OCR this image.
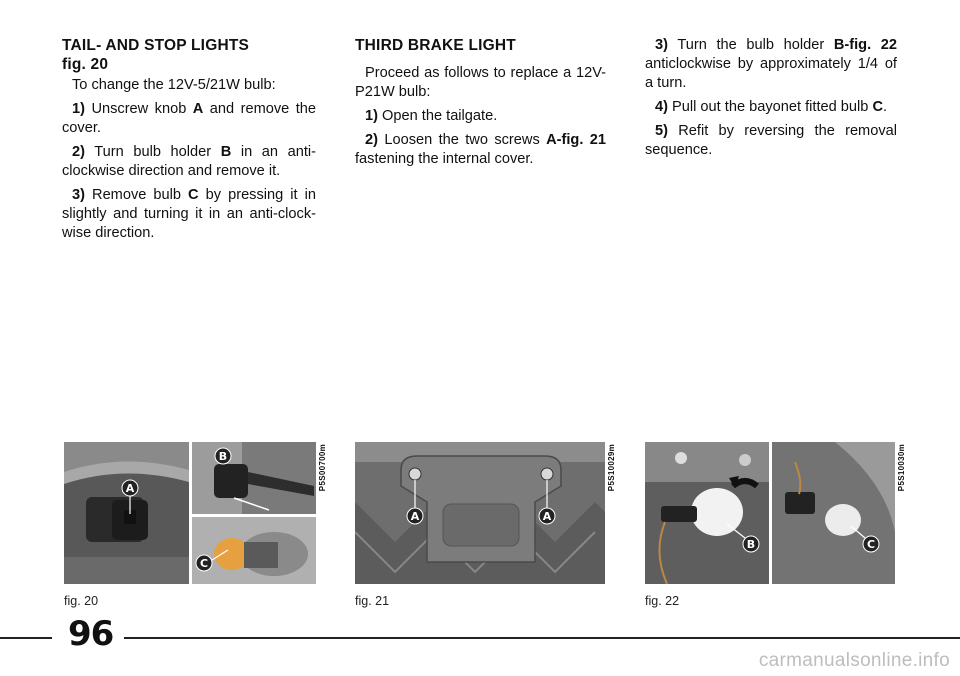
TAIL- AND STOP LIGHTS

fig. 20

To change the 12V-5/21W bulb:

1) Unscrew knob A and remove the cover.

2) Turn bulb holder B in an anti-clockwise direction and remove it.

3) Remove bulb C by pressing it in slightly and turning it in an anti-clock-wise direction.

THIRD BRAKE LIGHT

Proceed as follows to replace a 12V-P21W bulb:

1) Open the tailgate.

2) Loosen the two screws A-fig. 21 fastening the internal cover.

3) Turn the bulb holder B-fig. 22 anticlockwise by approximately 1/4 of a turn.

4) Pull out the bayonet fitted bulb C.

5) Refit by reversing the removal sequence.

A
B
C
P5S00700m
fig. 20
A	A
P5S10029m
fig. 21
B	C
P5S10030m
fig. 22
96
carmanualsonline.info
